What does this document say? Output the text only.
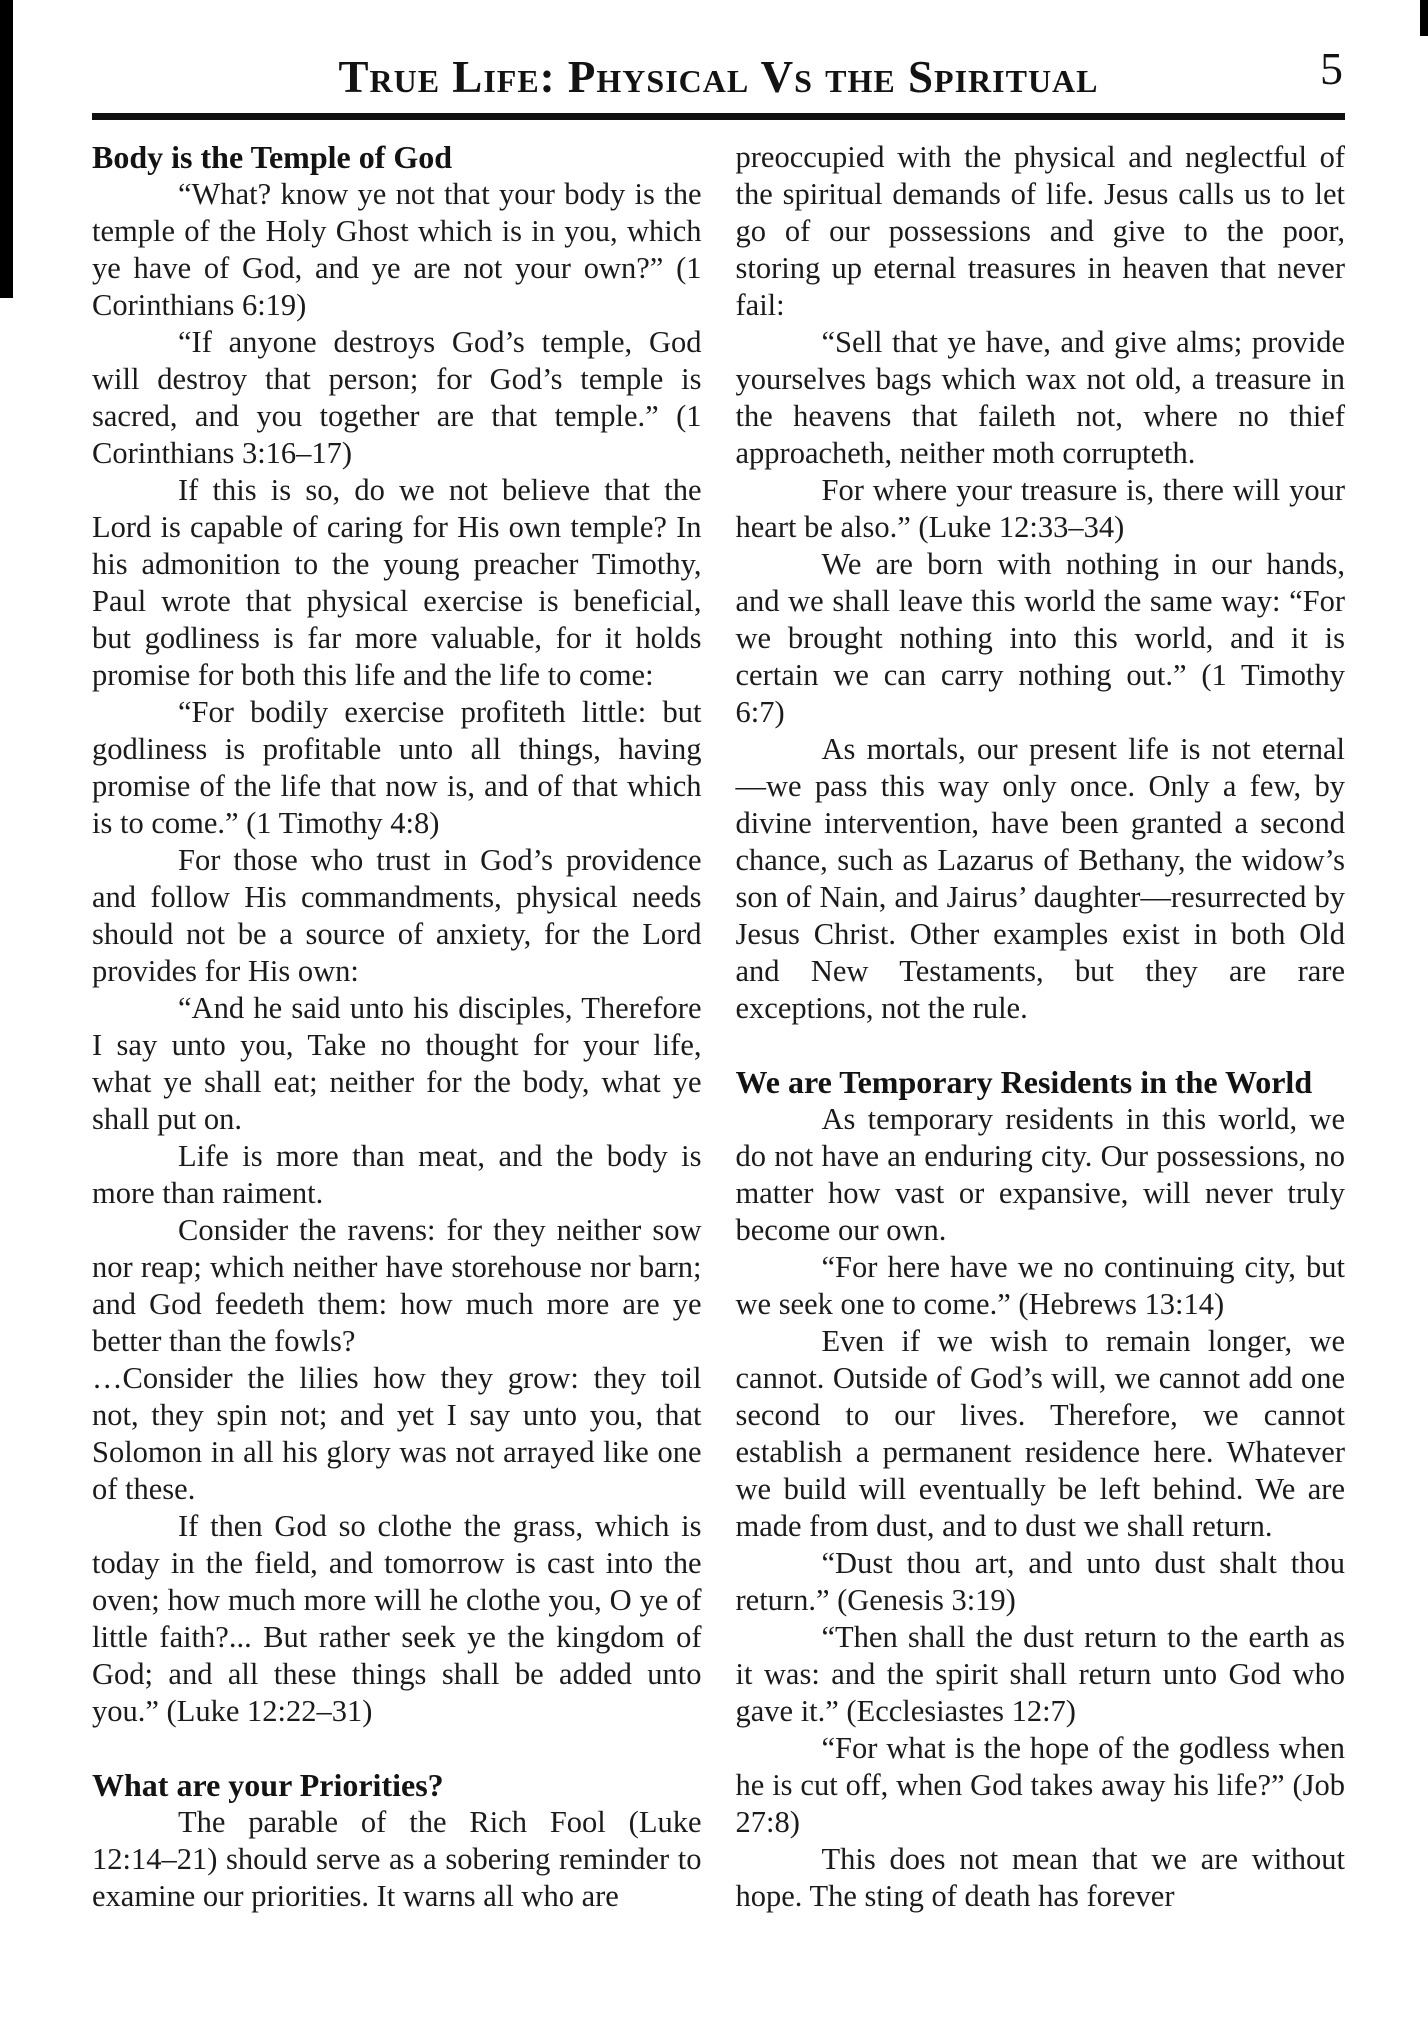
True Life: Physical Vs the Spiritual	5
Body is the Temple of God

“What? know ye not that your body is the temple of the Holy Ghost which is in you, which ye have of God, and ye are not your own?” (1 Corinthians 6:19)

“If anyone destroys God’s temple, God will destroy that person; for God’s temple is sacred, and you together are that temple.” (1 Corinthians 3:16–17)

If this is so, do we not believe that the Lord is capable of caring for His own temple? In his admonition to the young preacher Timothy, Paul wrote that physical exercise is beneficial, but godliness is far more valuable, for it holds promise for both this life and the life to come:

“For bodily exercise profiteth little: but godliness is profitable unto all things, having promise of the life that now is, and of that which is to come.” (1 Timothy 4:8)

For those who trust in God’s providence and follow His commandments, physical needs should not be a source of anxiety, for the Lord provides for His own:

“And he said unto his disciples, Therefore I say unto you, Take no thought for your life, what ye shall eat; neither for the body, what ye shall put on.

Life is more than meat, and the body is more than raiment.

Consider the ravens: for they neither sow nor reap; which neither have storehouse nor barn; and God feedeth them: how much more are ye better than the fowls?

…Consider the lilies how they grow: they toil not, they spin not; and yet I say unto you, that Solomon in all his glory was not arrayed like one of these.

If then God so clothe the grass, which is today in the field, and tomorrow is cast into the oven; how much more will he clothe you, O ye of little faith?... But rather seek ye the kingdom of God; and all these things shall be added unto you.” (Luke 12:22–31)

What are your Priorities?

The parable of the Rich Fool (Luke 12:14–21) should serve as a sobering reminder to examine our priorities. It warns all who are

preoccupied with the physical and neglectful of the spiritual demands of life. Jesus calls us to let go of our possessions and give to the poor, storing up eternal treasures in heaven that never fail:

“Sell that ye have, and give alms; provide yourselves bags which wax not old, a treasure in the heavens that faileth not, where no thief approacheth, neither moth corrupteth.

For where your treasure is, there will your heart be also.” (Luke 12:33–34)

We are born with nothing in our hands, and we shall leave this world the same way: “For we brought nothing into this world, and it is certain we can carry nothing out.” (1 Timothy 6:7)

As mortals, our present life is not eternal—we pass this way only once. Only a few, by divine intervention, have been granted a second chance, such as Lazarus of Bethany, the widow’s son of Nain, and Jairus’ daughter—resurrected by Jesus Christ. Other examples exist in both Old and New Testaments, but they are rare exceptions, not the rule.

We are Temporary Residents in the World

As temporary residents in this world, we do not have an enduring city. Our possessions, no matter how vast or expansive, will never truly become our own.

“For here have we no continuing city, but we seek one to come.” (Hebrews 13:14)

Even if we wish to remain longer, we cannot. Outside of God’s will, we cannot add one second to our lives. Therefore, we cannot establish a permanent residence here. Whatever we build will eventually be left behind. We are made from dust, and to dust we shall return.

“Dust thou art, and unto dust shalt thou return.” (Genesis 3:19)

“Then shall the dust return to the earth as it was: and the spirit shall return unto God who gave it.” (Ecclesiastes 12:7)

“For what is the hope of the godless when he is cut off, when God takes away his life?” (Job 27:8)

This does not mean that we are without hope. The sting of death has forever
